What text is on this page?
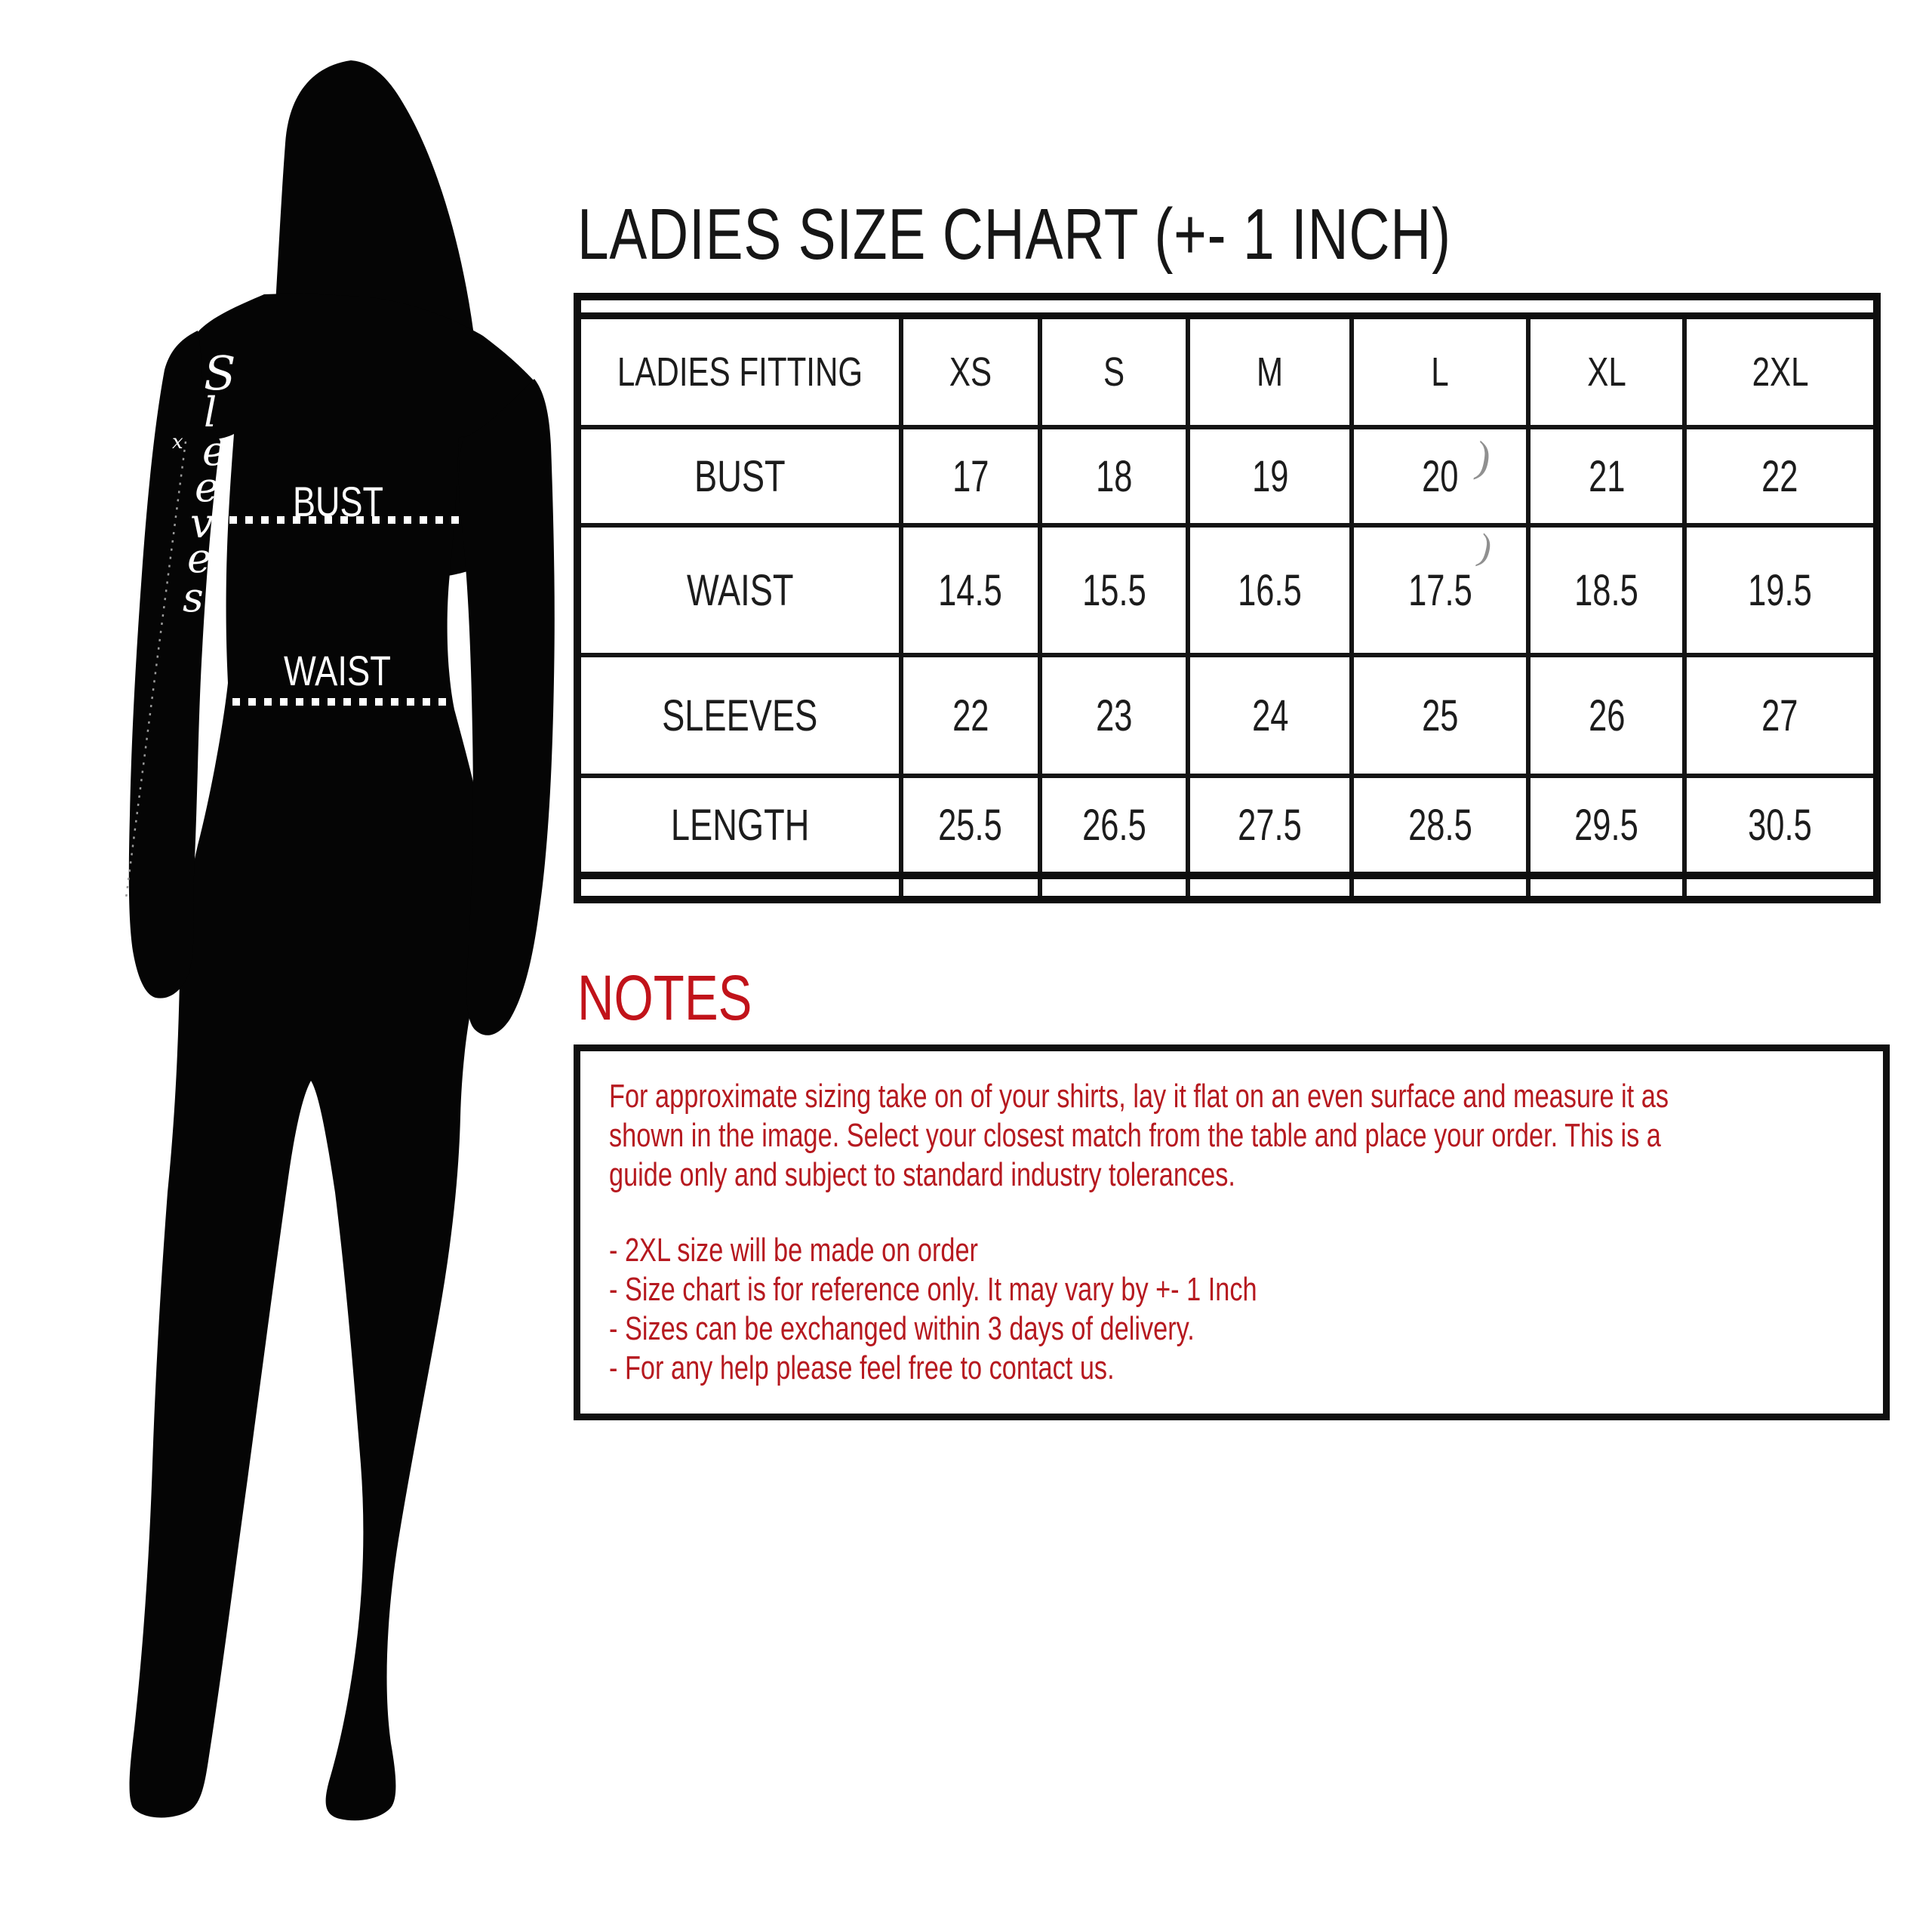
BUST
WAIST
S
l
e
e
v
e
s
x
LADIES SIZE CHART (+- 1 INCH)

LADIES FITTING	XS	S	M	L	XL	2XL
BUST	17	18	19	20	21	22
WAIST	14.5	15.5	16.5	17.5	18.5	19.5
SLEEVES	22	23	24	25	26	27
LENGTH	25.5	26.5	27.5	28.5	29.5	30.5

)
)
NOTES
For approximate sizing take on of your shirts, lay it flat on an even surface and measure it as
shown in the image. Select your closest match from the table and place your order. This is a
guide only and subject to standard industry tolerances.
- 2XL size will be made on order
- Size chart is for reference only. It may vary by +- 1 Inch
- Sizes can be exchanged within 3 days of delivery.
- For any help please feel free to contact us.
